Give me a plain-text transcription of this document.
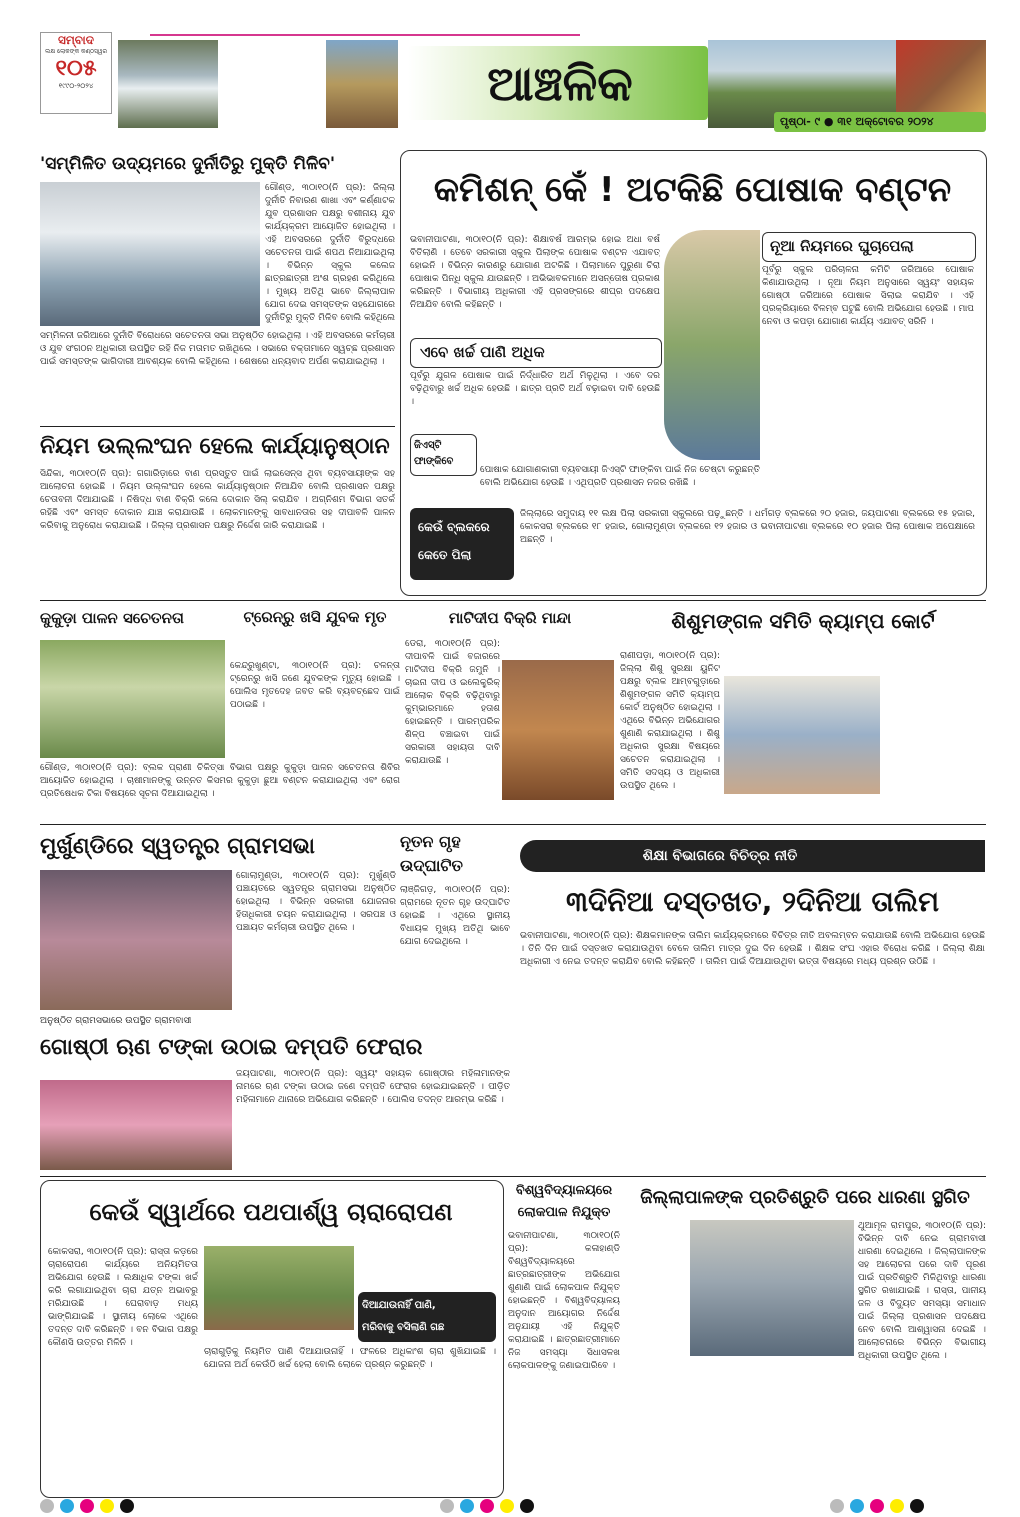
ସମ୍ବାଦ
ଲକ୍ଷ ଲୋକଙ୍କ କଣ୍ଠସ୍ୱର
୧୦୫
୧୯୯୦-୨୦୨୪	ଆଞ୍ଚଳିକ
ପୃଷ୍ଠା- ୯ ● ୩୧ ଅକ୍ଟୋବର ୨୦୨୪
'ସମ୍ମିଳିତ ଉଦ୍ୟମରେ ଦୁର୍ନୀତିରୁ ମୁକ୍ତି ମିଳିବ'
ଗୌଣ୍ଡ, ୩୦ା୧୦(ନି ପ୍ର): ଜିଲ୍ଲା ଦୁର୍ନୀତି ନିବାରଣ ଶାଖା ଏବଂ କର୍ଣ୍ଣାଟକ ଯୁବ ପ୍ରଶାସନ ପକ୍ଷରୁ ବଶୀନାୟ ଯୁବ କାର୍ଯ୍ୟକ୍ରମ ଆୟୋଜିତ ହୋଇଥିଲା । ଏହି ଅବସରରେ ଦୁର୍ନୀତି ବିରୁଦ୍ଧରେ ସଚେତନତା ପାଇଁ ଶପଥ ନିଆଯାଇଥିଲା । ବିଭିନ୍ନ ସ୍କୁଲ କଲେଜ ଛାତ୍ରଛାତ୍ରୀ ଅଂଶ ଗ୍ରହଣ କରିଥିଲେ । ମୁଖ୍ୟ ଅତିଥି ଭାବେ ଜିଲ୍ଲାପାଳ ଯୋଗ ଦେଇ ସମସ୍ତଙ୍କ ସହଯୋଗରେ ଦୁର୍ନୀତିରୁ ମୁକ୍ତି ମିଳିବ ବୋଲି କହିଥିଲେ
ସମ୍ମିଳନୀ ଜରିଆରେ ଦୁର୍ନୀତି ବିରୋଧରେ ସଚେତନତା ସଭା ଅନୁଷ୍ଠିତ ହୋଇଥିଲା । ଏହି ଅବସରରେ କର୍ମଚାରୀ ଓ ଯୁବ ସଂଗଠନ ଅଧିକାରୀ ଉପସ୍ଥିତ ରହି ନିଜ ମତାମତ ରଖିଥିଲେ । ସଭାରେ ବକ୍ତାମାନେ ସ୍ୱଚ୍ଛ ପ୍ରଶାସନ ପାଇଁ ସମସ୍ତଙ୍କ ଭାଗିଦାରୀ ଆବଶ୍ୟକ ବୋଲି କହିଥିଲେ । ଶେଷରେ ଧନ୍ୟବାଦ ଅର୍ପଣ କରାଯାଇଥିଲା ।
ନିୟମ ଉଲ୍ଲଂଘନ ହେଲେ କାର୍ଯ୍ୟାନୁଷ୍ଠାନ
ସିନ୍ଦିକା, ୩୦ା୧୦(ନି ପ୍ର): ଗଗାରିଡ଼ାରେ ବାଣ ପ୍ରସ୍ତୁତ ପାଇଁ ଲାଇସେନ୍ସ ଥିବା ବ୍ୟବସାୟୀଙ୍କ ସହ ଆଲୋଚନା ହୋଇଛି । ନିୟମ ଉଲ୍ଲଂଘନ ହେଲେ କାର୍ଯ୍ୟାନୁଷ୍ଠାନ ନିଆଯିବ ବୋଲି ପ୍ରଶାସନ ପକ୍ଷରୁ ଚେତାବନୀ ଦିଆଯାଇଛି । ନିଷିଦ୍ଧ ବାଣ ବିକ୍ରି କଲେ ଦୋକାନ ସିଲ୍ କରାଯିବ । ଅଗ୍ନିଶମ ବିଭାଗ ସତର୍କ ରହିଛି ଏବଂ ସମସ୍ତ ଦୋକାନ ଯାଞ୍ଚ କରାଯାଉଛି । ଲୋକମାନଙ୍କୁ ସାବଧାନତାର ସହ ଦୀପାବଳି ପାଳନ କରିବାକୁ ଅନୁରୋଧ କରାଯାଇଛି । ଜିଲ୍ଲା ପ୍ରଶାସନ ପକ୍ଷରୁ ନିର୍ଦ୍ଦେଶ ଜାରି କରାଯାଇଛି ।
କମିଶନ୍ କେଁ ! ଅଟକିଛି ପୋଷାକ ବଣ୍ଟନ
ଭବାନୀପାଟଣା, ୩୦ା୧୦(ନି ପ୍ର): ଶିକ୍ଷାବର୍ଷ ଆରମ୍ଭ ହୋଇ ଅଧା ବର୍ଷ ବିତିଲାଣି । ତେବେ ସରକାରୀ ସ୍କୁଲ ପିଲାଙ୍କ ପୋଷାକ ବଣ୍ଟନ ଏଯାବତ୍ ହୋଇନି । ବିଭିନ୍ନ କାରଣରୁ ଯୋଗାଣ ଅଟକିଛି । ପିଲାମାନେ ପୁରୁଣା ଚିରା ପୋଷାକ ପିନ୍ଧି ସ୍କୁଲ ଯାଉଛନ୍ତି । ଅଭିଭାବକମାନେ ଅସନ୍ତୋଷ ପ୍ରକାଶ କରିଛନ୍ତି । ବିଭାଗୀୟ ଅଧିକାରୀ ଏହି ପ୍ରସଙ୍ଗରେ ଶୀଘ୍ର ପଦକ୍ଷେପ ନିଆଯିବ ବୋଲି କହିଛନ୍ତି ।
ନୂଆ ନିୟମରେ ଘୁଚାପେଲା
ପୂର୍ବରୁ ସ୍କୁଲ ପରିଚାଳନା କମିଟି ଜରିଆରେ ପୋଷାକ କିଣାଯାଉଥିଲା । ନୂଆ ନିୟମ ଅନୁସାରେ ସ୍ୱୟଂ ସହାୟକ ଗୋଷ୍ଠୀ ଜରିଆରେ ପୋଷାକ ସିଲାଇ କରାଯିବ । ଏହି ପ୍ରକ୍ରିୟାରେ ବିଳମ୍ବ ଘଟୁଛି ବୋଲି ଅଭିଯୋଗ ହେଉଛି । ମାପ ନେବା ଓ କପଡ଼ା ଯୋଗାଣ କାର୍ଯ୍ୟ ଏଯାବତ୍ ସରିନି ।
ଏବେ ଖର୍ଚ୍ଚ ପାଣି ଅଧିକ
ପୂର୍ବରୁ ଯୁଗଳ ପୋଷାକ ପାଇଁ ନିର୍ଦ୍ଧାରିତ ଅର୍ଥ ମିଳୁଥିଲା । ଏବେ ଦର ବଢ଼ିଥିବାରୁ ଖର୍ଚ୍ଚ ଅଧିକ ହେଉଛି । ଛାତ୍ର ପ୍ରତି ଅର୍ଥ ବଢ଼ାଇବା ଦାବି ହେଉଛି ।
ଜିଏସ୍‌ଟି ଫାଙ୍କିବେ
ପୋଷାକ ଯୋଗାଣକାରୀ ବ୍ୟବସାୟୀ ଜିଏସ୍‌ଟି ଫାଙ୍କିବା ପାଇଁ ନିଜ ଚେଷ୍ଟା କରୁଛନ୍ତି ବୋଲି ଅଭିଯୋଗ ହେଉଛି । ଏଥିପ୍ରତି ପ୍ରଶାସନ ନଜର ରଖିଛି ।
କେଉଁ ବ୍ଲକରେ
କେତେ ପିଲା
ଜିଲ୍ଲାରେ ସମୁଦାୟ ୧୧ ଲକ୍ଷ ପିଲା ସରକାରୀ ସ୍କୁଲରେ ପଢ଼ୁଛନ୍ତି । ଧର୍ମଗଡ଼ ବ୍ଲକରେ ୨୦ ହଜାର, ଜୟପାଟଣା ବ୍ଲକରେ ୧୫ ହଜାର, କୋକସରା ବ୍ଲକରେ ୧୮ ହଜାର, ଗୋଲାମୁଣ୍ଡା ବ୍ଲକରେ ୧୨ ହଜାର ଓ ଭବାନୀପାଟଣା ବ୍ଲକରେ ୧୦ ହଜାର ପିଲା ପୋଷାକ ଅପେକ୍ଷାରେ ଅଛନ୍ତି ।
କୁକୁଡ଼ା ପାଳନ ସଚେତନତା	ଟ୍ରେନ୍‌ରୁ ଖସି ଯୁବକ ମୃତ
କେନ୍ଦ୍ରୁଖୁଣ୍ଟା, ୩୦ା୧୦(ନି ପ୍ର): ଚଳନ୍ତା ଟ୍ରେନ୍‌ରୁ ଖସି ଜଣେ ଯୁବକଙ୍କ ମୃତ୍ୟୁ ହୋଇଛି । ପୋଲିସ ମୃତଦେହ ଜବତ କରି ବ୍ୟବଚ୍ଛେଦ ପାଇଁ ପଠାଇଛି ।
ଗୌଣ୍ଡ, ୩୦ା୧୦(ନି ପ୍ର): ବ୍ଲକ ପ୍ରାଣୀ ଚିକିତ୍ସା ବିଭାଗ ପକ୍ଷରୁ କୁକୁଡ଼ା ପାଳନ ସଚେତନତା ଶିବିର ଆୟୋଜିତ ହୋଇଥିଲା । ଚାଷୀମାନଙ୍କୁ ଉନ୍ନତ କିସମର କୁକୁଡ଼ା ଛୁଆ ବଣ୍ଟନ କରାଯାଇଥିଲା ଏବଂ ରୋଗ ପ୍ରତିଷେଧକ ଟିକା ବିଷୟରେ ସୂଚନା ଦିଆଯାଇଥିଲା ।
ମାଟିଦୀପ ବିକ୍ରି ମାନ୍ଦା
ଡେରା, ୩୦ା୧୦(ନି ପ୍ର): ଦୀପାବଳି ପାଇଁ ବଜାରରେ ମାଟିଦୀପ ବିକ୍ରି ଜମୁନି । ଚାଇନା ଦୀପ ଓ ଇଲେକ୍ଟ୍ରିକ୍ ଆଲୋକ ବିକ୍ରି ବଢ଼ିଥିବାରୁ କୁମ୍ଭାରମାନେ ହତାଶ ହୋଇଛନ୍ତି । ପାରମ୍ପରିକ ଶିଳ୍ପ ବଞ୍ଚାଇବା ପାଇଁ ସରକାରୀ ସହାୟତା ଦାବି କରାଯାଉଛି ।
ଶିଶୁମଙ୍ଗଳ ସମିତି କ୍ୟାମ୍ପ କୋର୍ଟ
ରାଣୀପଡ଼ା, ୩୦ା୧୦(ନି ପ୍ର): ଜିଲ୍ଲା ଶିଶୁ ସୁରକ୍ଷା ୟୁନିଟ ପକ୍ଷରୁ ବ୍ଲକ ଆମ୍ବଗୁଡ଼ାରେ ଶିଶୁମଙ୍ଗଳ ସମିତି କ୍ୟାମ୍ପ କୋର୍ଟ ଅନୁଷ୍ଠିତ ହୋଇଥିଲା । ଏଥିରେ ବିଭିନ୍ନ ଅଭିଯୋଗର ଶୁଣାଣି କରାଯାଇଥିଲା । ଶିଶୁ ଅଧିକାର ସୁରକ୍ଷା ବିଷୟରେ ସଚେତନ କରାଯାଇଥିଲା । ସମିତି ସଦସ୍ୟ ଓ ଅଧିକାରୀ ଉପସ୍ଥିତ ଥିଲେ ।
ମୁର୍ଖୁଣ୍ଡିରେ ସ୍ୱତନ୍ତ୍ର ଗ୍ରାମସଭା
ଗୋଲାମୁଣ୍ଡା, ୩୦ା୧୦(ନି ପ୍ର): ମୁର୍ଖୁଣ୍ଡି ପଞ୍ଚାୟତରେ ସ୍ୱତନ୍ତ୍ର ଗ୍ରାମସଭା ଅନୁଷ୍ଠିତ ହୋଇଥିଲା । ବିଭିନ୍ନ ସରକାରୀ ଯୋଜନାର ହିତାଧିକାରୀ ଚୟନ କରାଯାଇଥିଲା । ସରପଞ୍ଚ ଓ ପଞ୍ଚାୟତ କର୍ମଚାରୀ ଉପସ୍ଥିତ ଥିଲେ ।
ଅନୁଷ୍ଠିତ ଗ୍ରାମସଭାରେ ଉପସ୍ଥିତ ଗ୍ରାମବାସୀ
ନୂତନ ଗୃହ ଉଦ୍‌ଘାଟିତ
ଲାଞ୍ଜିଗଡ଼, ୩୦ା୧୦(ନି ପ୍ର): ଗ୍ରାମରେ ନୂତନ ଗୃହ ଉଦ୍‌ଘାଟିତ ହୋଇଛି । ଏଥିରେ ସ୍ଥାନୀୟ ବିଧାୟକ ମୁଖ୍ୟ ଅତିଥି ଭାବେ ଯୋଗ ଦେଇଥିଲେ ।
ଶିକ୍ଷା ବିଭାଗରେ ବିଚିତ୍ର ନୀତି
୩ଦିନିଆ ଦସ୍ତଖତ, ୨ଦିନିଆ ତାଲିମ
ଭବାନୀପାଟଣା, ୩୦ା୧୦(ନି ପ୍ର): ଶିକ୍ଷକମାନଙ୍କ ତାଲିମ କାର୍ଯ୍ୟକ୍ରମରେ ବିଚିତ୍ର ନୀତି ଅବଲମ୍ବନ କରାଯାଉଛି ବୋଲି ଅଭିଯୋଗ ହେଉଛି । ତିନି ଦିନ ପାଇଁ ଦସ୍ତଖତ କରାଯାଉଥିବା ବେଳେ ତାଲିମ ମାତ୍ର ଦୁଇ ଦିନ ହେଉଛି । ଶିକ୍ଷକ ସଂଘ ଏହାର ବିରୋଧ କରିଛି । ଜିଲ୍ଲା ଶିକ୍ଷା ଅଧିକାରୀ ଏ ନେଇ ତଦନ୍ତ କରାଯିବ ବୋଲି କହିଛନ୍ତି । ତାଲିମ ପାଇଁ ଦିଆଯାଉଥିବା ଭତ୍ତା ବିଷୟରେ ମଧ୍ୟ ପ୍ରଶ୍ନ ଉଠିଛି ।
ଗୋଷ୍ଠୀ ଋଣ ଟଙ୍କା ଉଠାଇ ଦମ୍ପତି ଫେରାର
ଜୟପାଟଣା, ୩୦ା୧୦(ନି ପ୍ର): ସ୍ୱୟଂ ସହାୟକ ଗୋଷ୍ଠୀର ମହିଳାମାନଙ୍କ ନାମରେ ଋଣ ଟଙ୍କା ଉଠାଇ ଜଣେ ଦମ୍ପତି ଫେରାର ହୋଇଯାଇଛନ୍ତି । ପୀଡ଼ିତ ମହିଳାମାନେ ଥାନାରେ ଅଭିଯୋଗ କରିଛନ୍ତି । ପୋଲିସ ତଦନ୍ତ ଆରମ୍ଭ କରିଛି ।
କେଉଁ ସ୍ୱାର୍ଥରେ ପଥପାର୍ଶ୍ୱ ଚାରାରୋପଣ
କୋକସରା, ୩୦ା୧୦(ନି ପ୍ର): ରାସ୍ତା କଡ଼ରେ ଚାରାରୋପଣ କାର୍ଯ୍ୟରେ ଅନିୟମିତତା ଅଭିଯୋଗ ହେଉଛି । ଲକ୍ଷାଧିକ ଟଙ୍କା ଖର୍ଚ୍ଚ କରି ଲଗାଯାଇଥିବା ଚାରା ଯତ୍ନ ଅଭାବରୁ ମରିଯାଉଛି । ଘେରାବାଡ଼ ମଧ୍ୟ ଭାଙ୍ଗିଯାଇଛି । ସ୍ଥାନୀୟ ଲୋକେ ଏଥିରେ ତଦନ୍ତ ଦାବି କରିଛନ୍ତି । ବନ ବିଭାଗ ପକ୍ଷରୁ କୌଣସି ଉତ୍ତର ମିଳିନି ।
ଦିଆଯାଉନାହିଁ ପାଣି,
ମରିବାକୁ ବସିଲାଣି ଗଛ
ଚାରାଗୁଡ଼ିକୁ ନିୟମିତ ପାଣି ଦିଆଯାଉନାହିଁ । ଫଳରେ ଅଧିକାଂଶ ଚାରା ଶୁଖିଯାଇଛି । ଯୋଜନା ଅର୍ଥ କେଉଁଠି ଖର୍ଚ୍ଚ ହେଲା ବୋଲି ଲୋକେ ପ୍ରଶ୍ନ କରୁଛନ୍ତି ।
ବିଶ୍ୱବିଦ୍ୟାଳୟରେ ଲୋକପାଳ ନିଯୁକ୍ତ
ଭବାନୀପାଟଣା, ୩୦ା୧୦(ନି ପ୍ର): କଳାହାଣ୍ଡି ବିଶ୍ୱବିଦ୍ୟାଳୟରେ ଛାତ୍ରଛାତ୍ରୀଙ୍କ ଅଭିଯୋଗ ଶୁଣାଣି ପାଇଁ ଲୋକପାଳ ନିଯୁକ୍ତ ହୋଇଛନ୍ତି । ବିଶ୍ୱବିଦ୍ୟାଳୟ ଅନୁଦାନ ଆୟୋଗର ନିର୍ଦ୍ଦେଶ ଅନୁଯାୟୀ ଏହି ନିଯୁକ୍ତି କରାଯାଇଛି । ଛାତ୍ରଛାତ୍ରୀମାନେ ନିଜ ସମସ୍ୟା ସିଧାସଳଖ ଲୋକପାଳଙ୍କୁ ଜଣାଇପାରିବେ ।
ଜିଲ୍ଲାପାଳଙ୍କ ପ୍ରତିଶ୍ରୁତି ପରେ ଧାରଣା ସ୍ଥଗିତ
ଥୁଆମୂଳ ରାମପୁର, ୩୦ା୧୦(ନି ପ୍ର): ବିଭିନ୍ନ ଦାବି ନେଇ ଗ୍ରାମବାସୀ ଧାରଣା ଦେଇଥିଲେ । ଜିଲ୍ଲାପାଳଙ୍କ ସହ ଆଲୋଚନା ପରେ ଦାବି ପୂରଣ ପାଇଁ ପ୍ରତିଶ୍ରୁତି ମିଳିଥିବାରୁ ଧାରଣା ସ୍ଥଗିତ ରଖାଯାଇଛି । ରାସ୍ତା, ପାନୀୟ ଜଳ ଓ ବିଦ୍ୟୁତ ସମସ୍ୟା ସମାଧାନ ପାଇଁ ଜିଲ୍ଲା ପ୍ରଶାସନ ପଦକ୍ଷେପ ନେବ ବୋଲି ଆଶ୍ୱାସନା ଦେଇଛି । ଆଲୋଚନାରେ ବିଭିନ୍ନ ବିଭାଗୀୟ ଅଧିକାରୀ ଉପସ୍ଥିତ ଥିଲେ ।
